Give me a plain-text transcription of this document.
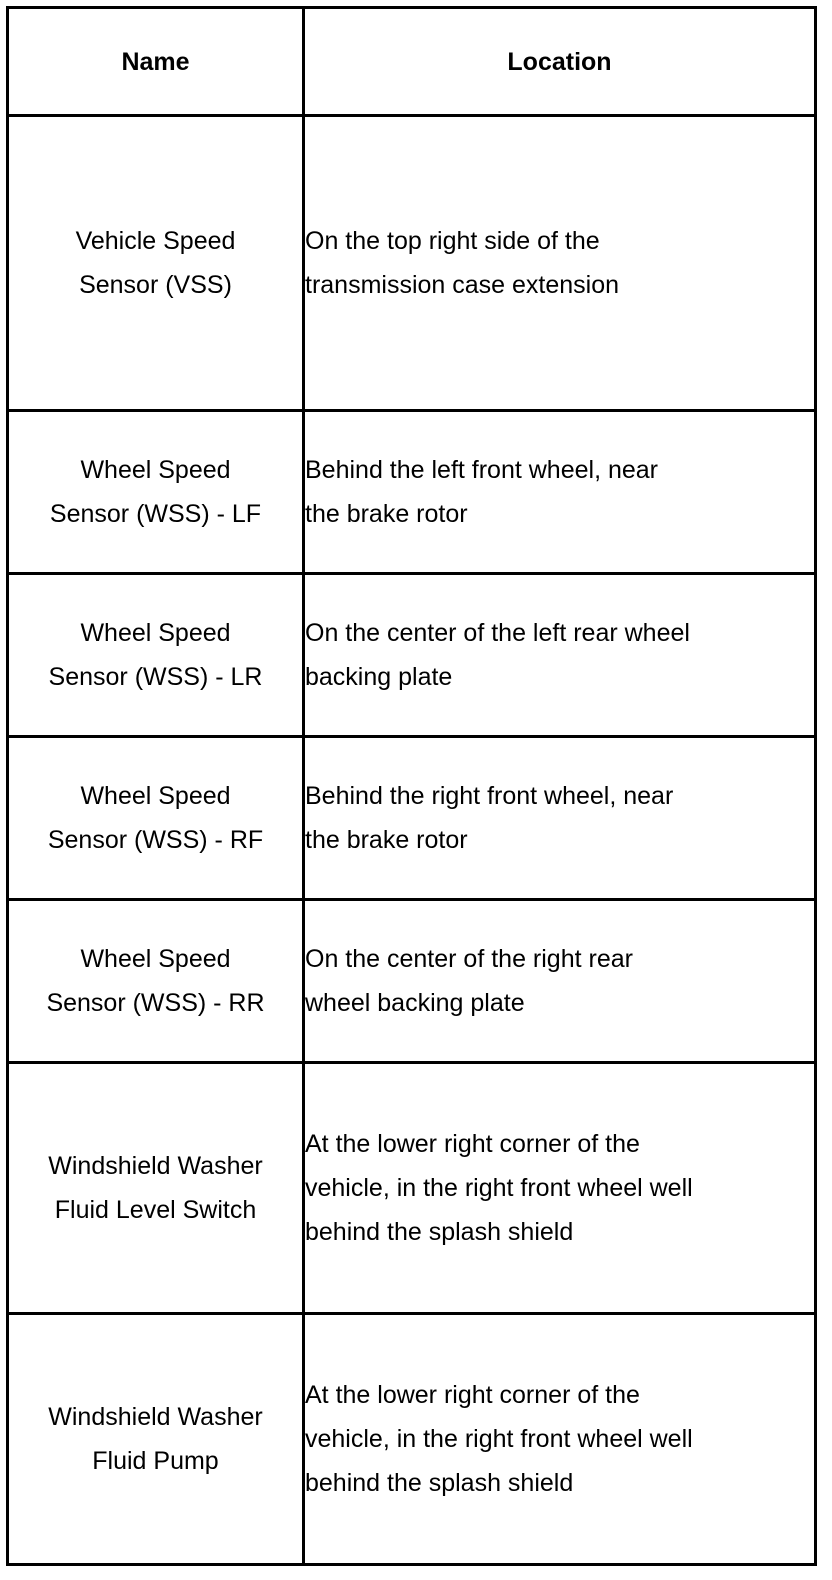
Name	Location

Vehicle Speed
Sensor (VSS)	On the top right side of the
transmission case extension

Wheel Speed
Sensor (WSS) - LF	Behind the left front wheel, near
the brake rotor

Wheel Speed
Sensor (WSS) - LR	On the center of the left rear wheel
backing plate

Wheel Speed
Sensor (WSS) - RF	Behind the right front wheel, near
the brake rotor

Wheel Speed
Sensor (WSS) - RR	On the center of the right rear
wheel backing plate

Windshield Washer
Fluid Level Switch	At the lower right corner of the
vehicle, in the right front wheel well
behind the splash shield

Windshield Washer
Fluid Pump	At the lower right corner of the
vehicle, in the right front wheel well
behind the splash shield
